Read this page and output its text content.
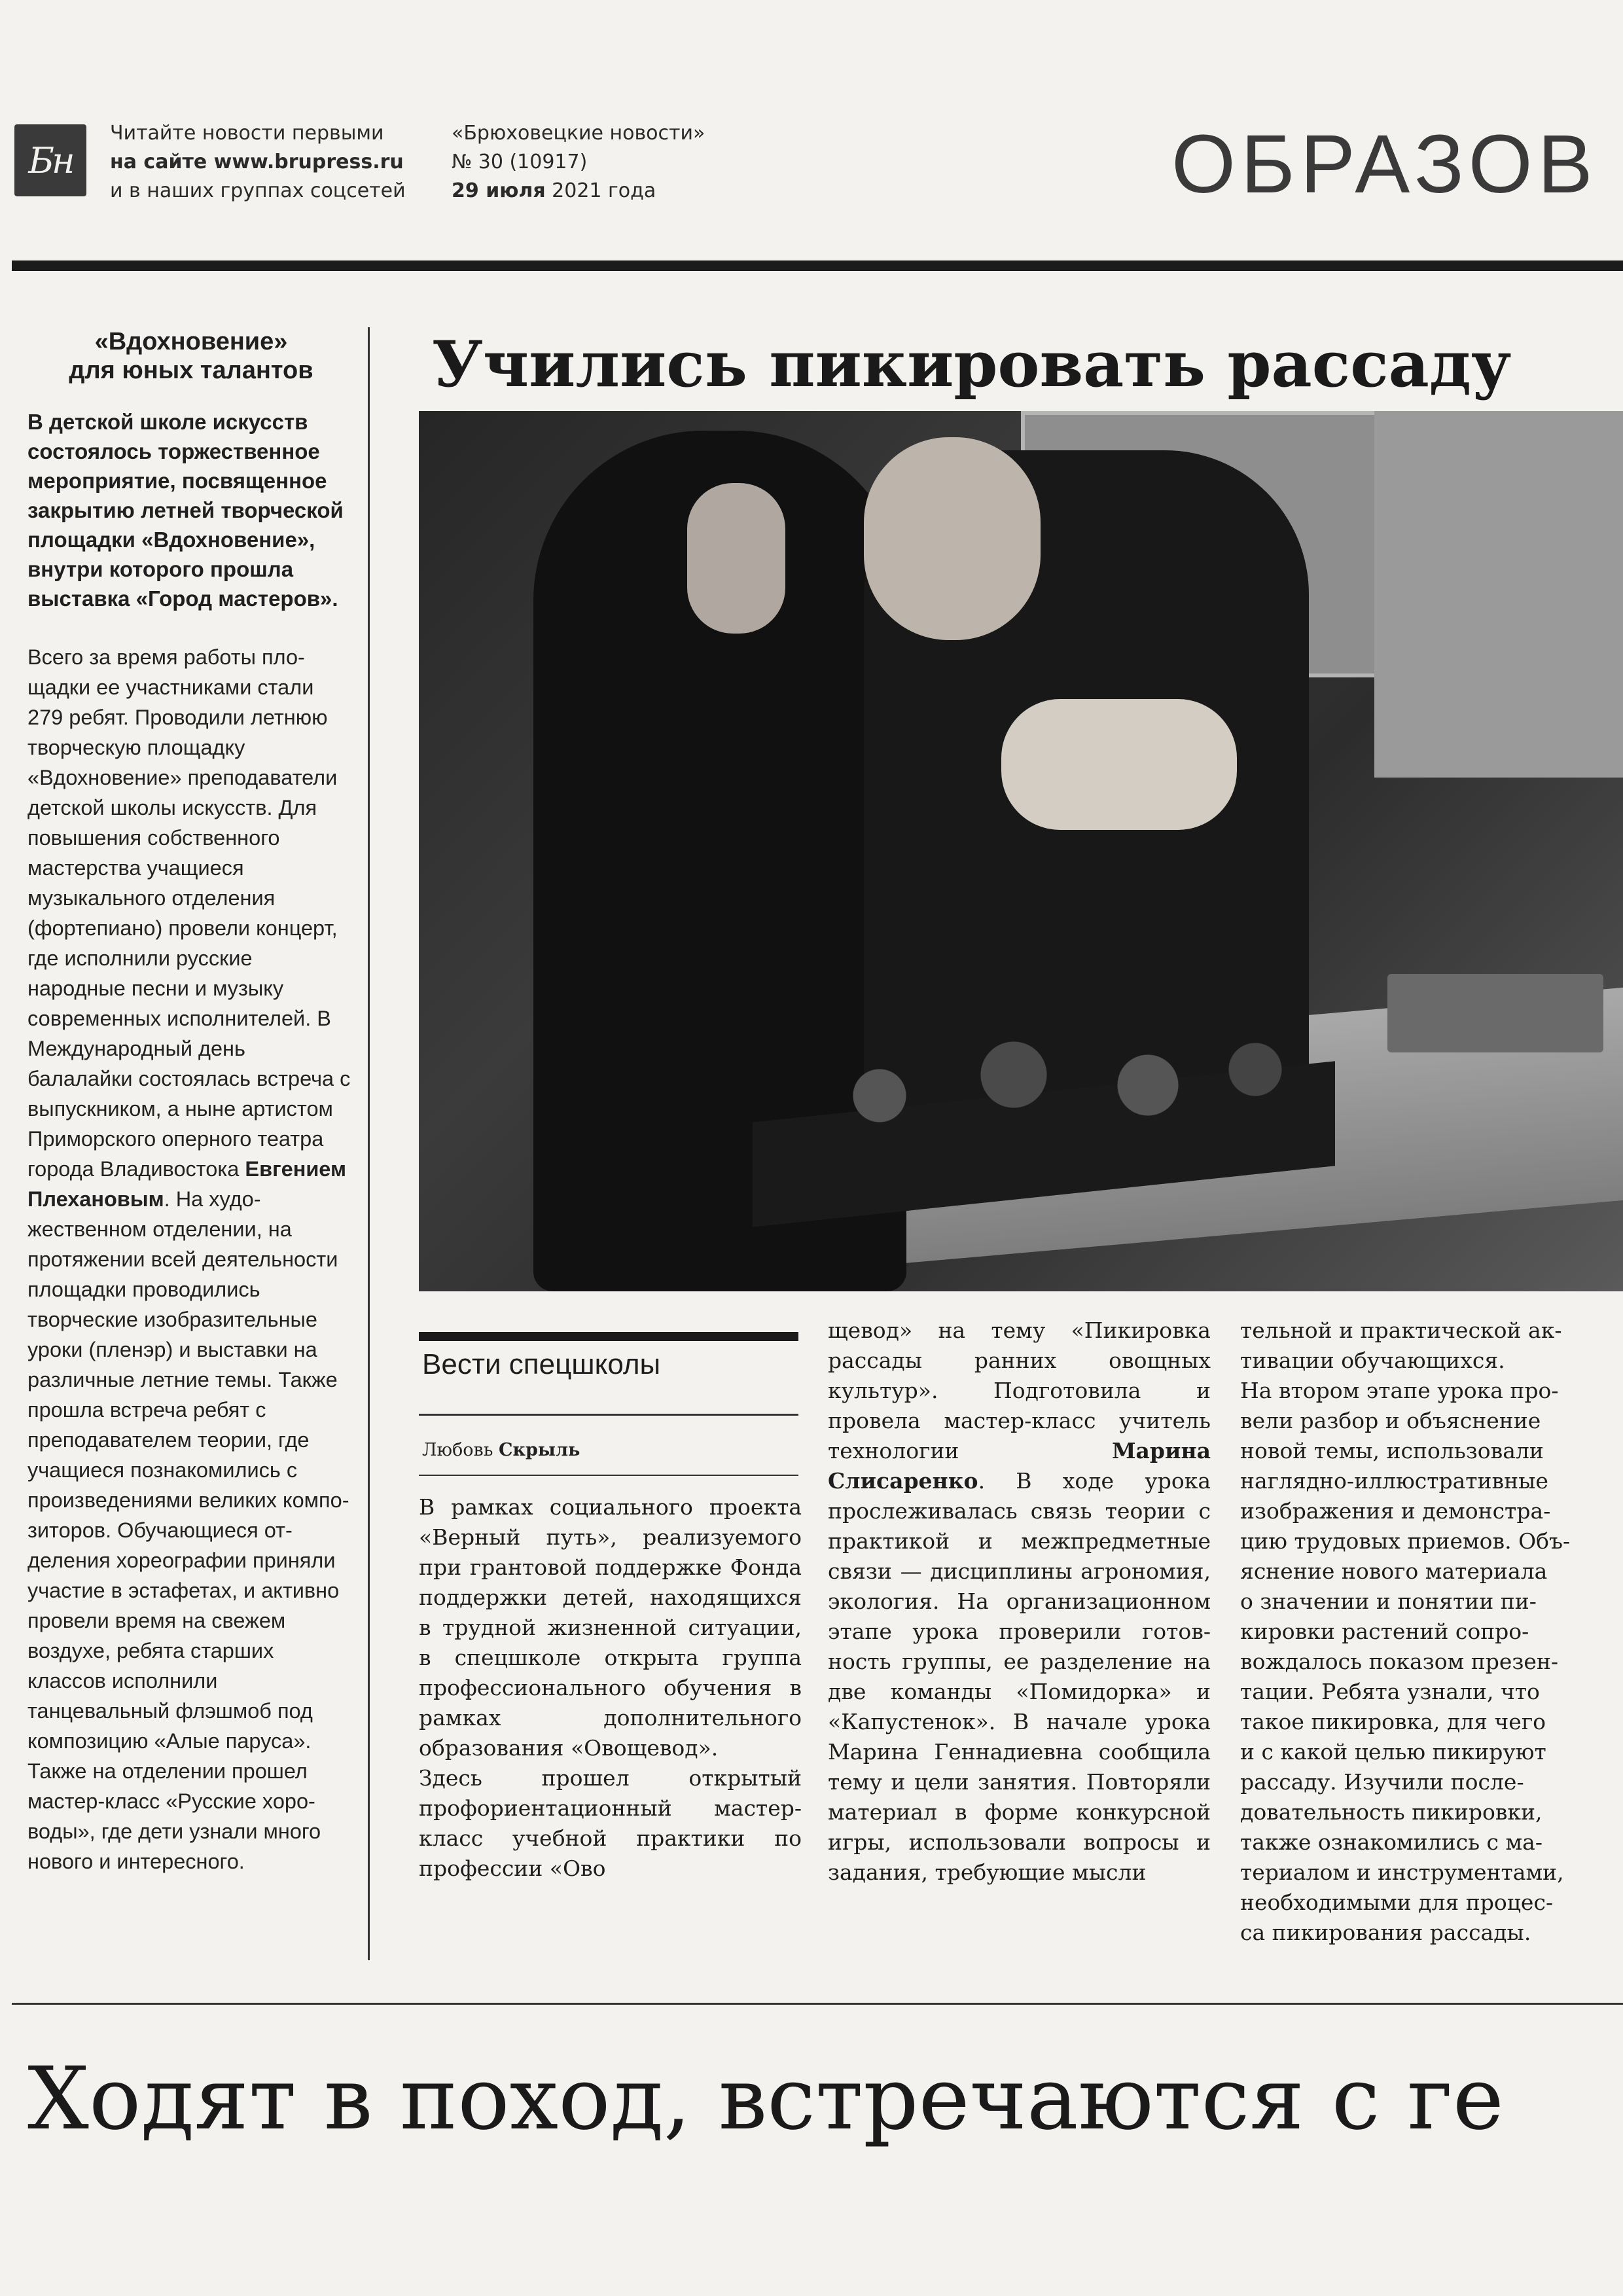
Бн
Читайте новости первыми
на сайте www.brupress.ru
и в наших группах соцсетей
«Брюховецкие новости»
№ 30 (10917)
29 июля 2021 года	ОБРАЗОВ
«Вдохновение»
для юных талантов

В детской школе искусств состоялось торжественное мероприятие, посвященное закрытию летней творческой площадки «Вдохновение», внутри которого прошла выставка «Город мастеров».

Всего за время работы площадки ее участниками стали 279 ребят. Проводили летнюю творческую площадку «Вдохновение» преподаватели детской школы искусств. Для повышения собственного мастерства учащиеся музыкального отделения (фортепиано) провели концерт, где исполнили русские народные песни и музыку современных исполнителей. В Международный день балалайки состоялась встреча с выпускником, а ныне артистом Приморского оперного театра города Владивостока Евгением Плехановым. На художественном отделении, на протяжении всей деятельности площадки проводились творческие изобразительные уроки (пленэр) и выставки на различные летние темы. Также прошла встреча ребят с преподавателем теории, где учащиеся познакомились с произведениями великих композиторов. Обучающиеся отделения хореографии приняли участие в эстафетах, и активно провели время на свежем воздухе, ребята старших классов исполнили танцевальный флэшмоб под композицию «Алые паруса». Также на отделении прошел мастер-класс «Русские хороводы», где дети узнали много нового и интересного.

Учились пикировать рассаду
Вести спецшколы
Любовь Скрыль

В рамках социального проекта «Верный путь», реализуемого при грантовой поддержке Фонда поддержки детей, находящихся в трудной жизненной ситуации, в спецшколе открыта группа профессионального обучения в рамках дополнительного образования «Овощевод».
Здесь прошел открытый профориентационный мастер-класс учебной практики по профессии «Ово

щевод» на тему «Пикировка рассады ранних овощных культур». Подготовила и провела мастер-класс учитель технологии Марина Слисаренко. В ходе урока прослеживалась связь теории с практикой и межпредметные связи — дисциплины агрономия, экология. На организационном этапе урока проверили готовность группы, ее разделение на две команды «Помидорка» и «Капустенок». В начале урока Марина Геннадиевна сообщила тему и цели занятия. Повторяли материал в форме конкурсной игры, использовали вопросы и задания, требующие мысли

тельной и практической ак-
тивации обучающихся.
На втором этапе урока про-
вели разбор и объяснение
новой темы, использовали
наглядно-иллюстративные
изображения и демонстра-
цию трудовых приемов. Объ-
яснение нового материала
о значении и понятии пи-
кировки растений сопро-
вождалось показом презен-
тации. Ребята узнали, что
такое пикировка, для чего
и с какой целью пикируют
рассаду. Изучили после-
довательность пикировки,
также ознакомились с ма-
териалом и инструментами,
необходимыми для процес-
са пикирования рассады.

Ходят в поход, встречаются с ге
